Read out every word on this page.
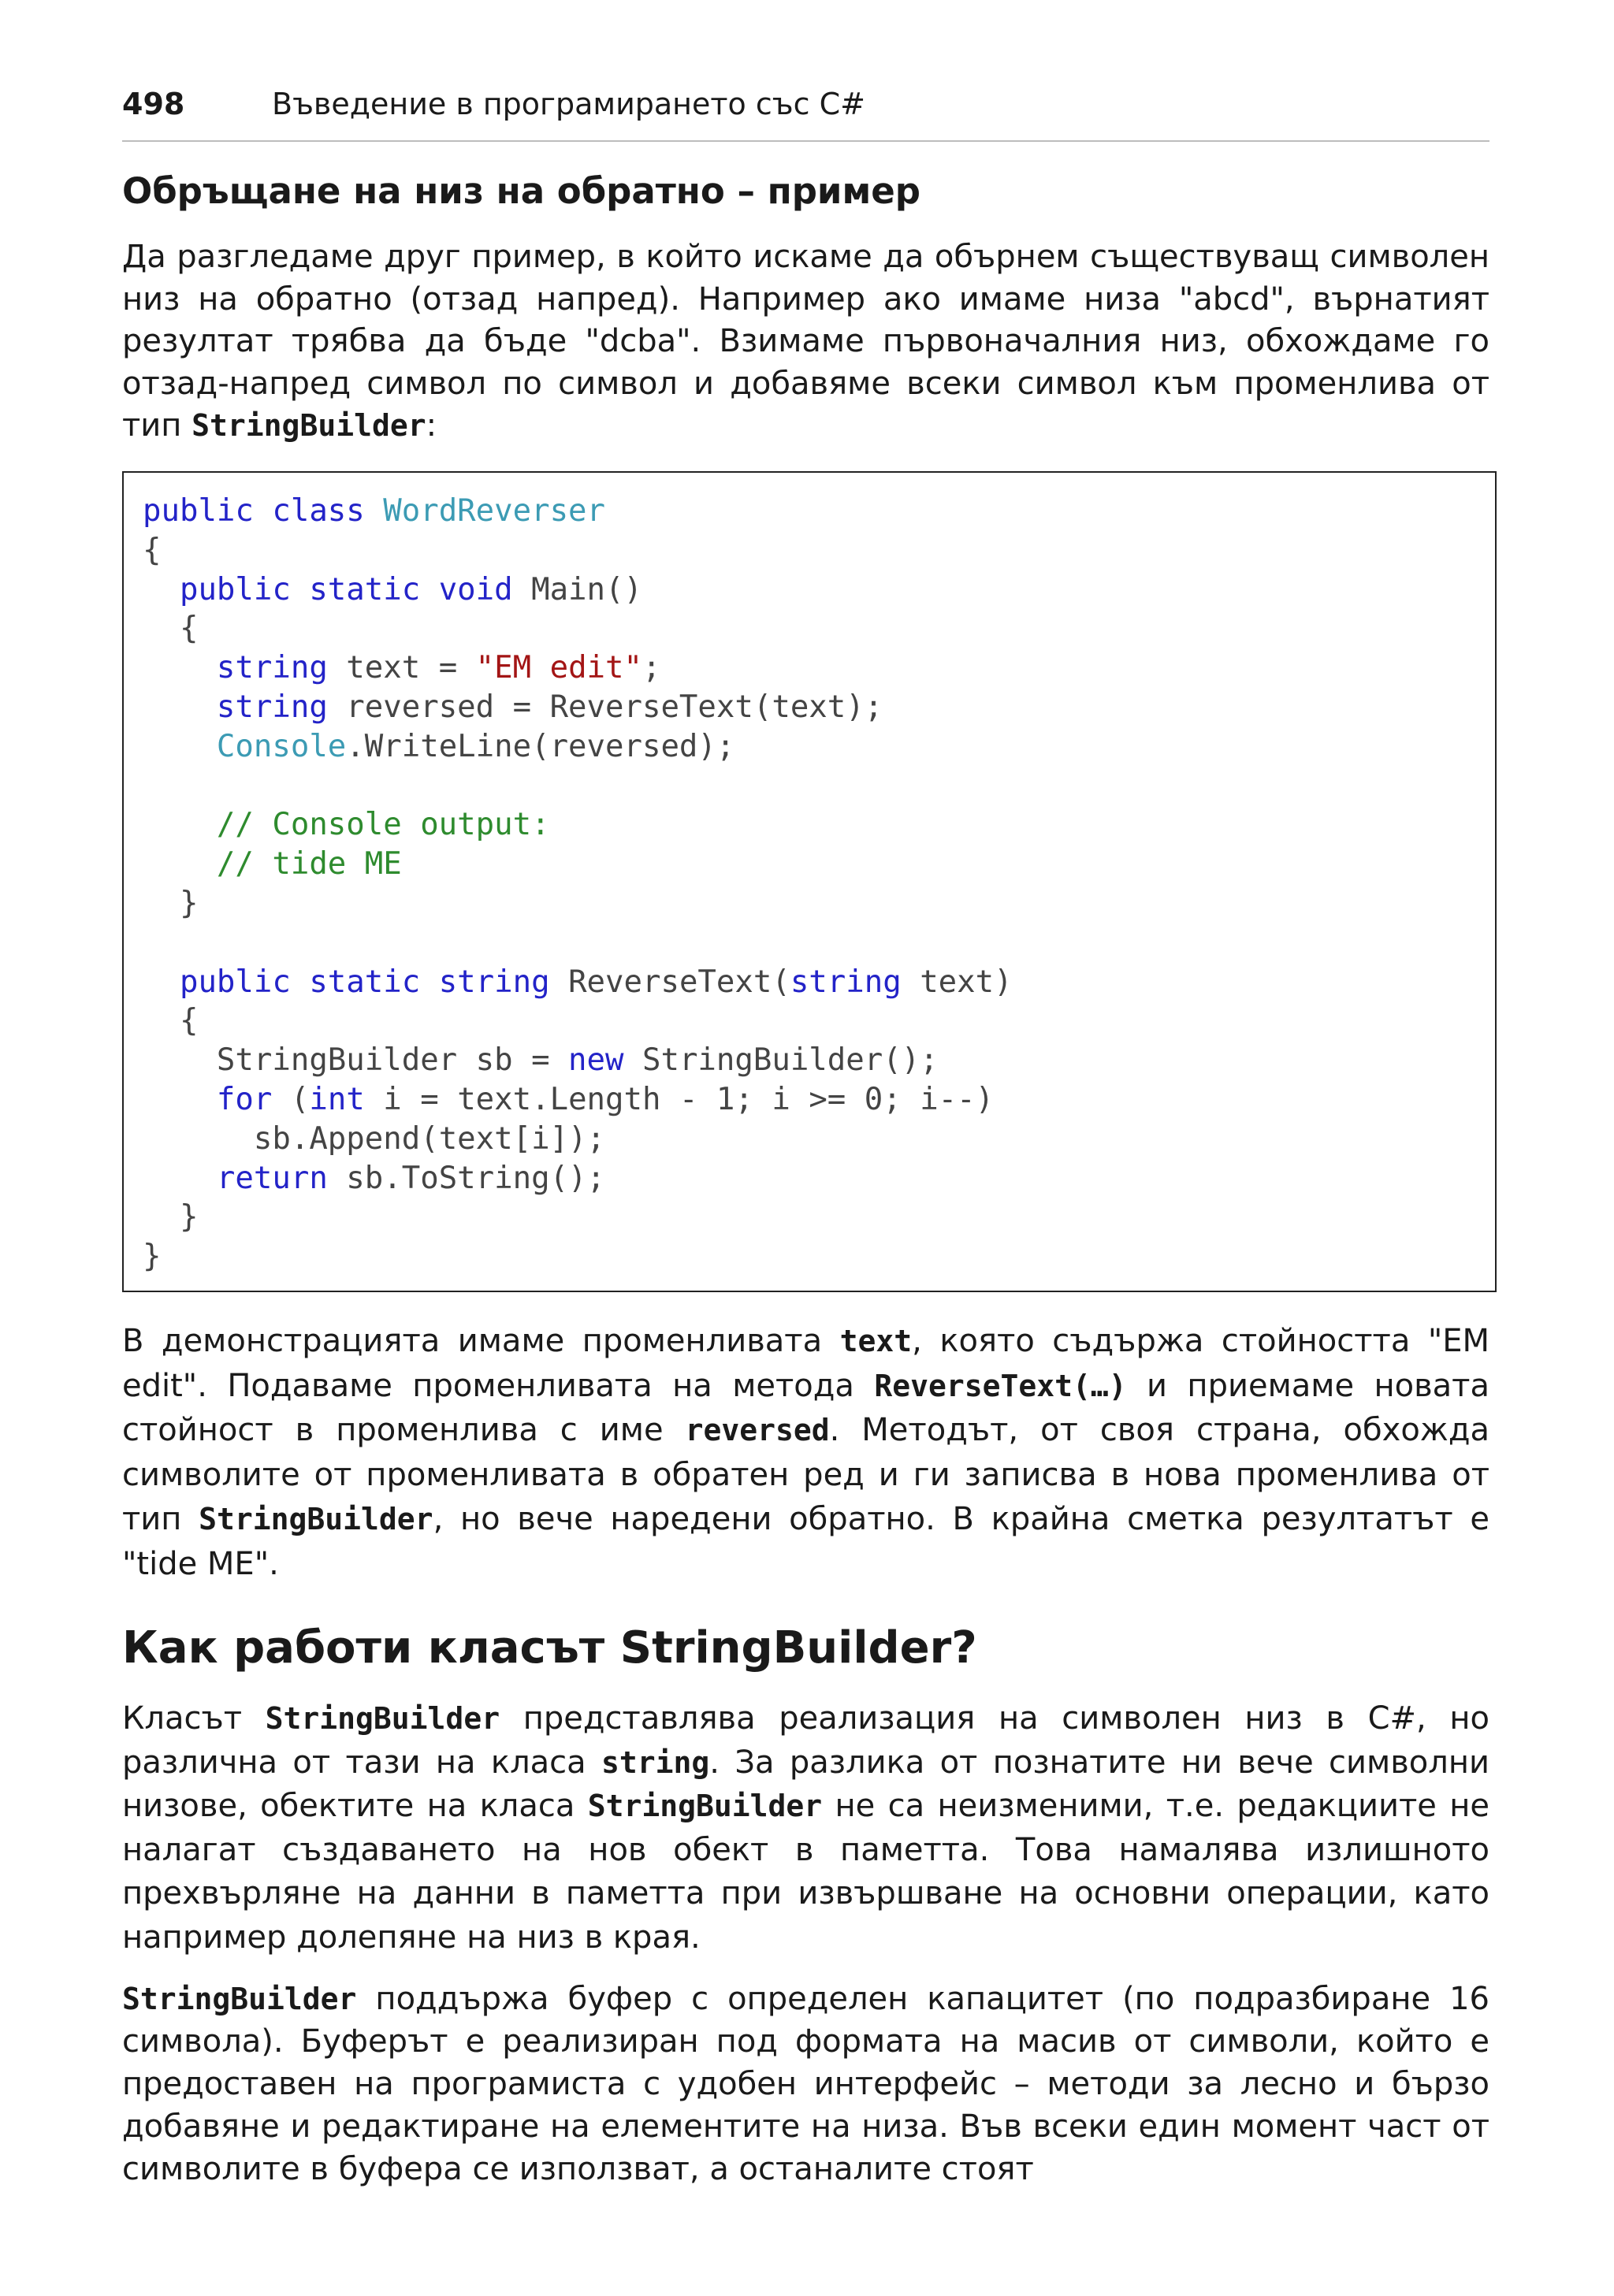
498	Въведение в програмирането със C#
Обръщане на низ на обратно – пример

Да разгледаме друг пример, в който искаме да обърнем съществуващ символен низ на обратно (отзад напред). Например ако имаме низа "abcd", върнатият резултат трябва да бъде "dcba". Взимаме първоначалния низ, обхождаме го отзад-напред символ по символ и добавяме всеки символ към променлива от тип StringBuilder:

public class WordReverser
{
public static void Main()
{
string text = "EM edit";
string reversed = ReverseText(text);
Console.WriteLine(reversed);

// Console output:
// tide ME
}

public static string ReverseText(string text)
{
StringBuilder sb = new StringBuilder();
for (int i = text.Length - 1; i >= 0; i--)
sb.Append(text[i]);
return sb.ToString();
}
}

В демонстрацията имаме променливата text, която съдържа стойността "EM edit". Подаваме променливата на метода ReverseText(…) и приемаме новата стойност в променлива с име reversed. Методът, от своя страна, обхожда символите от променливата в обратен ред и ги записва в нова променлива от тип StringBuilder, но вече наредени обратно. В крайна сметка резултатът е "tide ME".

Как работи класът StringBuilder?

Класът StringBuilder представлява реализация на символен низ в C#, но различна от тази на класа string. За разлика от познатите ни вече символни низове, обектите на класа StringBuilder не са неизменими, т.е. редакциите не налагат създаването на нов обект в паметта. Това намалява излишното прехвърляне на данни в паметта при извършване на основни операции, като например долепяне на низ в края.

StringBuilder поддържа буфер с определен капацитет (по подразбиране 16 символа). Буферът е реализиран под формата на масив от символи, който е предоставен на програмиста с удобен интерфейс – методи за лесно и бързо добавяне и редактиране на елементите на низа. Във всеки един момент част от символите в буфера се използват, а останалите стоят
